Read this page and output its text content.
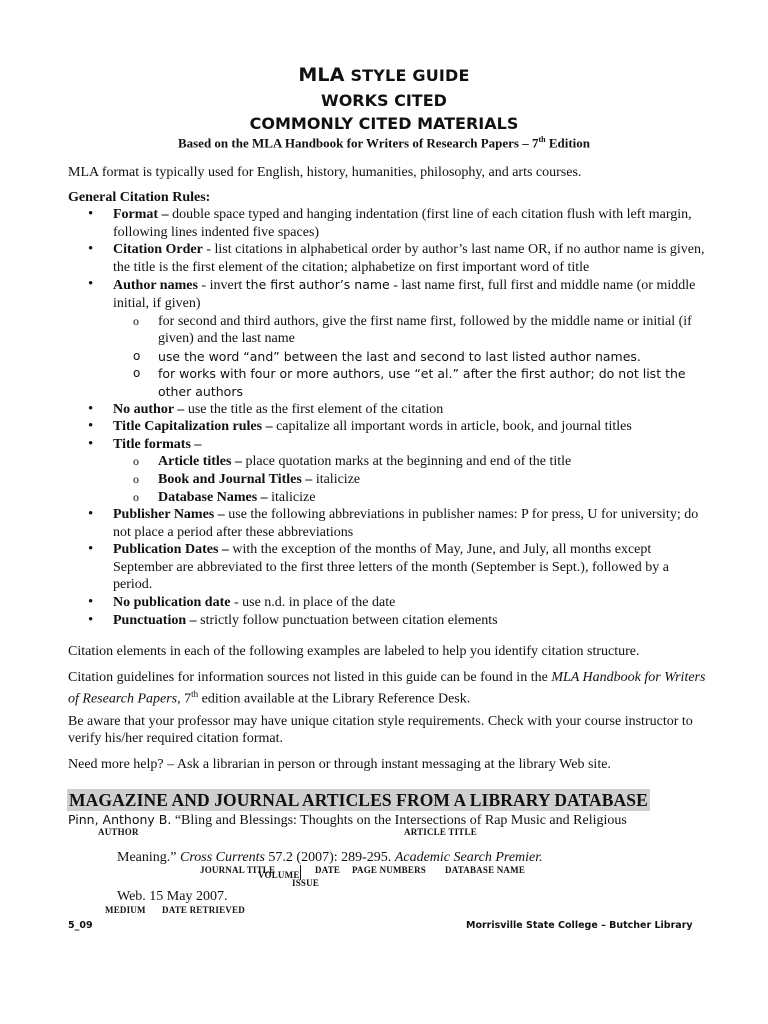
MLA STYLE GUIDE
WORKS CITED
COMMONLY CITED MATERIALS
Based on the MLA Handbook for Writers of Research Papers – 7th Edition
MLA format is typically used for English, history, humanities, philosophy, and arts courses.
General Citation Rules:
• Format – double space typed and hanging indentation (first line of each citation flush with left margin, following lines indented five spaces)
• Citation Order - list citations in alphabetical order by author’s last name OR, if no author name is given, the title is the first element of the citation; alphabetize on first important word of title
• Author names - invert the first author’s name - last name first, full first and middle name (or middle initial, if given)
o for second and third authors, give the first name first, followed by the middle name or initial (if given) and the last name
o use the word “and” between the last and second to last listed author names.
o for works with four or more authors, use “et al.” after the first author; do not list the other authors
• No author – use the title as the first element of the citation
• Title Capitalization rules – capitalize all important words in article, book, and journal titles
• Title formats –
o Article titles – place quotation marks at the beginning and end of the title
o Book and Journal Titles – italicize
o Database Names – italicize
• Publisher Names – use the following abbreviations in publisher names: P for press, U for university; do not place a period after these abbreviations
• Publication Dates – with the exception of the months of May, June, and July, all months except September are abbreviated to the first three letters of the month (September is Sept.), followed by a period.
• No publication date - use n.d. in place of the date
• Punctuation – strictly follow punctuation between citation elements
Citation elements in each of the following examples are labeled to help you identify citation structure.
Citation guidelines for information sources not listed in this guide can be found in the MLA Handbook for Writers of Research Papers, 7th edition available at the Library Reference Desk.
Be aware that your professor may have unique citation style requirements. Check with your course instructor to verify his/her required citation format.
Need more help? – Ask a librarian in person or through instant messaging at the library Web site.
MAGAZINE AND JOURNAL ARTICLES FROM A LIBRARY DATABASE
Pinn, Anthony B. “Bling and Blessings: Thoughts on the Intersections of Rap Music and Religious
AUTHOR	ARTICLE TITLE
Meaning.” Cross Currents 57.2 (2007): 289-295. Academic Search Premier.
JOURNAL TITLE
VOLUME DATE PAGE NUMBERS DATABASE NAME
ISSUE
Web. 15 May 2007.
MEDIUM DATE RETRIEVED
5_09	Morrisville State College – Butcher Library
